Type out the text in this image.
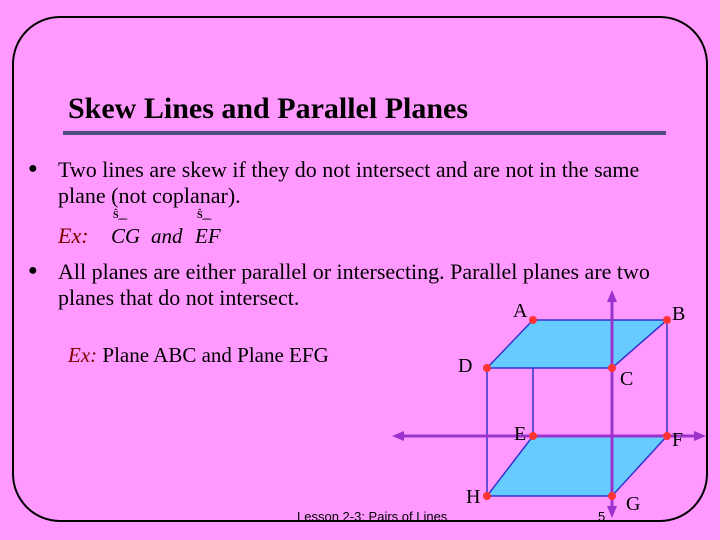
Skew Lines and Parallel Planes
● Two lines are skew if they do not intersect and are not in the same plane (not coplanar).
Ex:
Ŝ͟ ͟ ͟
CG and
Ŝ͟ ͟ ͟
EF
● All planes are either parallel or intersecting. Parallel planes are two planes that do not intersect.
Ex: Plane ABC and Plane EFG
A	B
C
D
E	F
G
H
Lesson 2-3: Pairs of Lines	5
